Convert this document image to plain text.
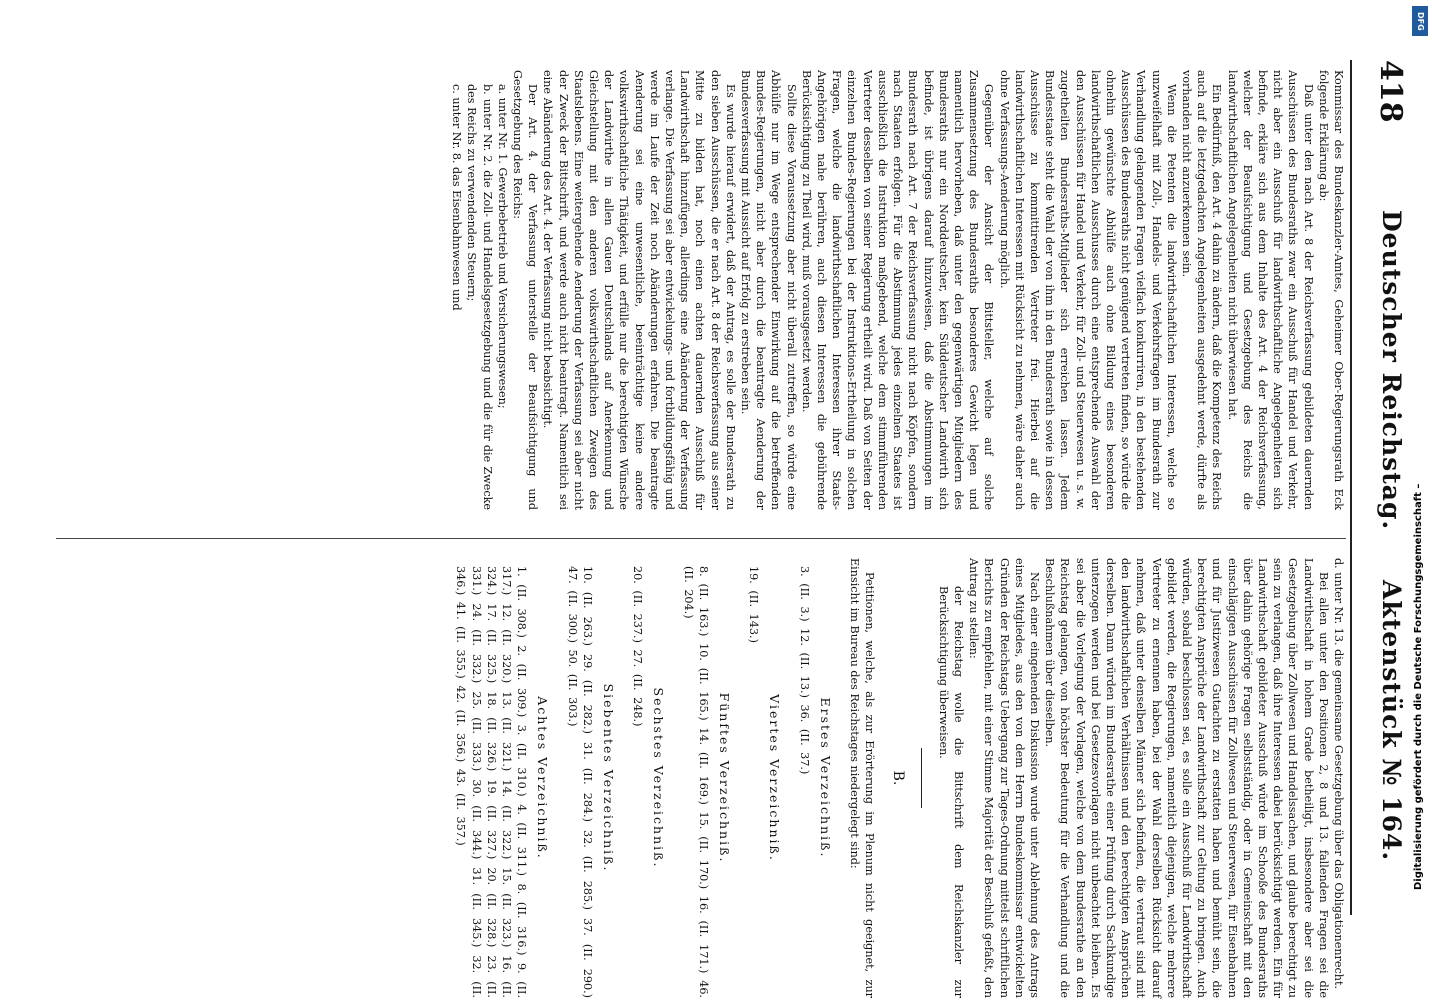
418
Deutscher Reichstag.
Aktenstück № 164.

Kommissar des Bundeskanzler-Amtes, Geheimer Ober-Regierungsrath Eck folgende Erklärung ab:

Daß unter den nach Art. 8 der Reichsverfassung gebildeten dauernden Ausschüssen des Bundesraths zwar ein Ausschuß für Handel und Verkehr, nicht aber ein Ausschuß für landwirthschaftliche Angelegenheiten sich befinde, erkläre sich aus dem Inhalte des Art. 4 der Reichsverfassung, welcher der Beaufsichtigung und Gesetzgebung des Reichs die landwirthschaftlichen Angelegenheiten nicht überwiesen hat.

Ein Bedürfniß, den Art. 4 dahin zu ändern, daß die Kompetenz des Reichs auch auf die letztgedachten Angelegenheiten ausgedehnt werde, dürfte als vorhanden nicht anzuerkennen sein.

Wenn die Petenten die landwirthschaftlichen Interessen, welche so unzweifelhaft mit Zoll-, Handels- und Verkehrsfragen im Bundesrath zur Verhandlung gelangenden Fragen vielfach konkurriren, in den bestehenden Ausschüssen des Bundesraths nicht genügend vertreten finden, so würde die ohnehin gewünschte Abhülfe auch ohne Bildung eines besonderen landwirthschaftlichen Ausschusses durch eine entsprechende Auswahl der den Ausschüssen für Handel und Verkehr, für Zoll- und Steuerwesen u. s. w. zugetheilten Bundesraths-Mitglieder sich erreichen lassen. Jedem Bundesstaate steht die Wahl der von ihm in den Bundesrath sowie in dessen Ausschüsse zu kommittirenden Vertreter frei. Hierbei auf die landwirthschaftlichen Interessen mit Rücksicht zu nehmen, wäre daher auch ohne Verfassungs-Aenderung möglich.

Gegenüber der Ansicht der Bittsteller, welche auf solche Zusammensetzung des Bundesraths besonderes Gewicht legen und namentlich hervorheben, daß unter den gegenwärtigen Mitgliedern des Bundesraths nur ein Norddeutscher, kein Süddeutscher Landwirth sich befinde, ist übrigens darauf hinzuweisen, daß die Abstimmungen im Bundesrath nach Art. 7 der Reichsverfassung nicht nach Köpfen, sondern nach Staaten erfolgen. Für die Abstimmung jedes einzelnen Staates ist ausschließlich die Instruktion maßgebend, welche dem stimmführenden Vertreter desselben von seiner Regierung ertheilt wird. Daß von Seiten der einzelnen Bundes-Regierungen bei der Instruktions-Ertheilung in solchen Fragen, welche die landwirthschaftlichen Interessen ihrer Staats-Angehörigen nahe berühren, auch diesen Interessen die gebührende Berücksichtigung zu Theil wird, muß vorausgesetzt werden.

Sollte diese Voraussetzung aber nicht überall zutreffen, so würde eine Abhülfe nur im Wege entsprechender Einwirkung auf die betreffenden Bundes-Regierungen, nicht aber durch die beantragte Aenderung der Bundesverfassung mit Aussicht auf Erfolg zu erstreben sein.

Es wurde hierauf erwidert, daß der Antrag, es solle der Bundesrath zu den sieben Ausschüssen, die er nach Art. 8 der Reichsverfassung aus seiner Mitte zu bilden hat, noch einen achten dauernden Ausschuß für Landwirthschaft hinzufügen, allerdings eine Abänderung der Verfassung verlange. Die Verfassung sei aber entwickelungs- und fortbildungsfähig und werde im Laufe der Zeit noch Abänderungen erfahren. Die beantragte Aenderung sei eine unwesentliche, beeinträchtige keine andere volkswirthschaftliche Thätigkeit, und erfülle nur die berechtigten Wünsche der Landwirthe in allen Gauen Deutschlands auf Anerkennung und Gleichstellung mit den anderen volkswirthschaftlichen Zweigen des Staatslebens. Eine weitergehende Aenderung der Verfassung sei aber nicht der Zweck der Bittschrift, und werde auch nicht beantragt. Namentlich sei eine Abänderung des Art. 4. der Verfassung nicht beabsichtigt.

Der Art. 4. der Verfassung unterstelle der Beaufsichtigung und Gesetzgebung des Reichs:

a. unter Nr. 1. Gewerbebetrieb und Versicherungswesen;

b. unter Nr. 2. die Zoll- und Handelsgesetzgebung und die für die Zwecke des Reichs zu verwendenden Steuern;

c. unter Nr. 8. das Eisenbahnwesen und

d. unter Nr. 13. die gemeinsame Gesetzgebung über das Obligationenrecht.

Bei allen unter den Positionen 2, 8 und 13. fallenden Fragen sei die Landwirthschaft in hohem Grade betheiligt, insbesondere aber sei die Gesetzgebung über Zollwesen und Handelssachen, und glaube berechtigt zu sein zu verlangen, daß ihre Interessen dabei berücksichtigt werden. Ein für Landwirthschaft gebildeter Ausschuß würde im Schooße des Bundesraths über dahin gehörige Fragen selbstständig, oder in Gemeinschaft mit den einschlägigen Ausschüssen für Zollwesen und Steuerwesen, für Eisenbahnen und für Justizwesen Gutachten zu erstatten haben und bemüht sein, die berechtigten Ansprüche der Landwirthschaft zur Geltung zu bringen. Auch würden, sobald beschlossen sei, es solle ein Ausschuß für Landwirthschaft gebildet werden, die Regierungen, namentlich diejenigen, welche mehrere Vertreter zu ernennen haben, bei der Wahl derselben Rücksicht darauf nehmen, daß unter denselben Männer sich befinden, die vertraut sind mit den landwirthschaftlichen Verhältnissen und den berechtigten Ansprüchen derselben. Dann würden im Bundesrathe einer Prüfung durch Sachkundige unterzogen werden und bei Gesetzesvorlagen nicht unbeachtet bleiben. Es sei aber die Vorlegung der Vorlagen, welche von dem Bundesrathe an den Reichstag gelangen, von höchster Bedeutung für die Verhandlung und die Beschlußnahmen über dieselben.

Nach einer eingehenden Diskussion wurde unter Ablehnung des Antrags eines Mitgliedes, aus den von dem Herrn Bundeskommissar entwickelten Gründen der Reichstags Uebergang zur Tages-Ordnung mittelst schriftlichen Berichts zu empfehlen, mit einer Stimme Majorität der Beschluß gefaßt, den Antrag zu stellen:

der Reichstag wolle die Bittschrift dem Reichskanzler zur Berücksichtigung überweisen.

B.

Petitionen, welche, als zur Erörterung im Plenum nicht geeignet, zur Einsicht im Bureau des Reichstages niedergelegt sind:

Erstes Verzeichniß.

3. (II. 3.) 12. (II. 13.) 36. (II. 37.)

Viertes Verzeichniß.

19. (II. 143.)

Fünftes Verzeichniß.

8. (II. 163.) 10. (II. 165.) 14. (II. 169.) 15. (II. 170.) 16. (II. 171.) 46. (II. 204.)

Sechstes Verzeichniß.

20. (II. 237.) 27. (II. 248.)

Siebentes Verzeichniß.

10. (II. 263.) 29. (II. 282.) 31. (II. 284.) 32. (II. 285.) 37. (II. 290.) 47. (II. 300.) 50. (II. 303.)

Achtes Verzeichniß.

1. (II. 308.) 2. (II. 309.) 3. (II. 310.) 4. (II. 311.) 8. (II. 316.) 9. (II. 317.) 12. (II. 320.) 13. (II. 321.) 14. (II. 322.) 15. (II. 323.) 16. (II. 324.) 17. (II. 325.) 18. (II. 326.) 19. (II. 327.) 20. (II. 328.) 23. (II. 331.) 24. (II. 332.) 25. (II. 333.) 30. (II. 344.) 31. (II. 345.) 32. (II. 346.) 41. (II. 355.) 42. (II. 356.) 43. (II. 357.)

DFG
Digitalisierung gefördert durch die Deutsche Forschungsgemeinschaft –
